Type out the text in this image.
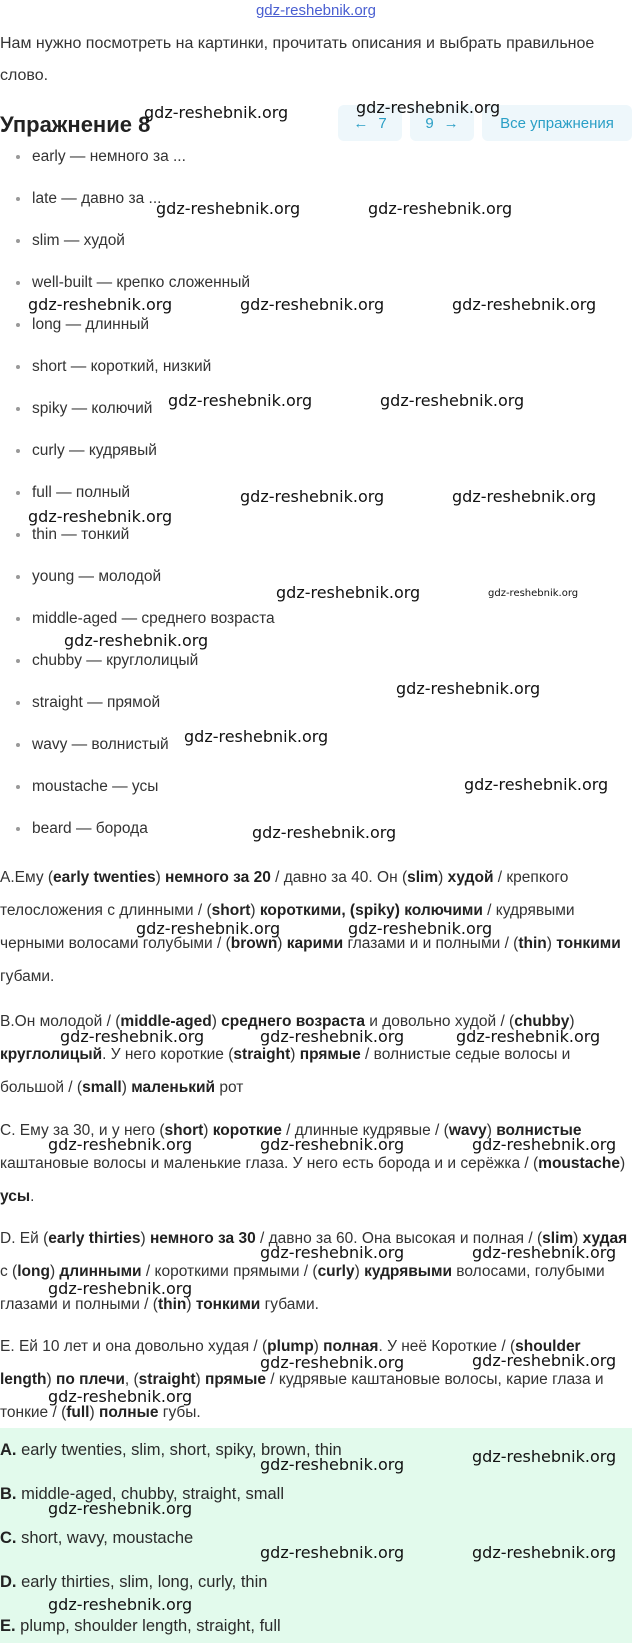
gdz-reshebnik.org
Нам нужно посмотреть на картинки, прочитать описания и выбрать правильное слово.
Упражнение 8	← 7	9 →	Все упражнения
early — немного за ...
late — давно за ...
slim — худой
well-built — крепко сложенный
long — длинный
short — короткий, низкий
spiky — колючий
curly — кудрявый
full — полный
thin — тонкий
young — молодой
middle-aged — среднего возраста
chubby — круглолицый
straight — прямой
wavy — волнистый
moustache — усы
beard — борода
A.Ему (early twenties) немного за 20 / давно за 40. Он (slim) худой / крепкого телосложения с длинными / (short) короткими, (spiky) колючими / кудрявыми черными волосами голубыми / (brown) карими глазами и и полными / (thin) тонкими губами.
B.Он молодой / (middle-aged) среднего возраста и довольно худой / (chubby) круглолицый. У него короткие (straight) прямые / волнистые седые волосы и большой / (small) маленький рот
C. Ему за 30, и у него (short) короткие / длинные кудрявые / (wavy) волнистые каштановые волосы и маленькие глаза. У него есть борода и и серёжка / (moustache) усы.
D. Ей (early thirties) немного за 30 / давно за 60. Она высокая и полная / (slim) худая с (long) длинными / короткими прямыми / (curly) кудрявыми волосами, голубыми глазами и полными / (thin) тонкими губами.
E. Ей 10 лет и она довольно худая / (plump) полная. У неё Короткие / (shoulder length) по плечи, (straight) прямые / кудрявые каштановые волосы, карие глаза и тонкие / (full) полные губы.
A. early twenties, slim, short, spiky, brown, thin
B. middle-aged, chubby, straight, small
C. short, wavy, moustache
D. early thirties, slim, long, curly, thin
E. plump, shoulder length, straight, full
gdz-reshebnik.org	gdz-reshebnik.org
gdz-reshebnik.org	gdz-reshebnik.org
gdz-reshebnik.org	gdz-reshebnik.org	gdz-reshebnik.org
gdz-reshebnik.org	gdz-reshebnik.org
gdz-reshebnik.org	gdz-reshebnik.org
gdz-reshebnik.org
gdz-reshebnik.org	gdz-reshebnik.org
gdz-reshebnik.org
gdz-reshebnik.org
gdz-reshebnik.org
gdz-reshebnik.org
gdz-reshebnik.org
gdz-reshebnik.org	gdz-reshebnik.org
gdz-reshebnik.org	gdz-reshebnik.org	gdz-reshebnik.org
gdz-reshebnik.org	gdz-reshebnik.org	gdz-reshebnik.org
gdz-reshebnik.org	gdz-reshebnik.org
gdz-reshebnik.org
gdz-reshebnik.org	gdz-reshebnik.org
gdz-reshebnik.org
gdz-reshebnik.org	gdz-reshebnik.org
gdz-reshebnik.org
gdz-reshebnik.org	gdz-reshebnik.org
gdz-reshebnik.org
